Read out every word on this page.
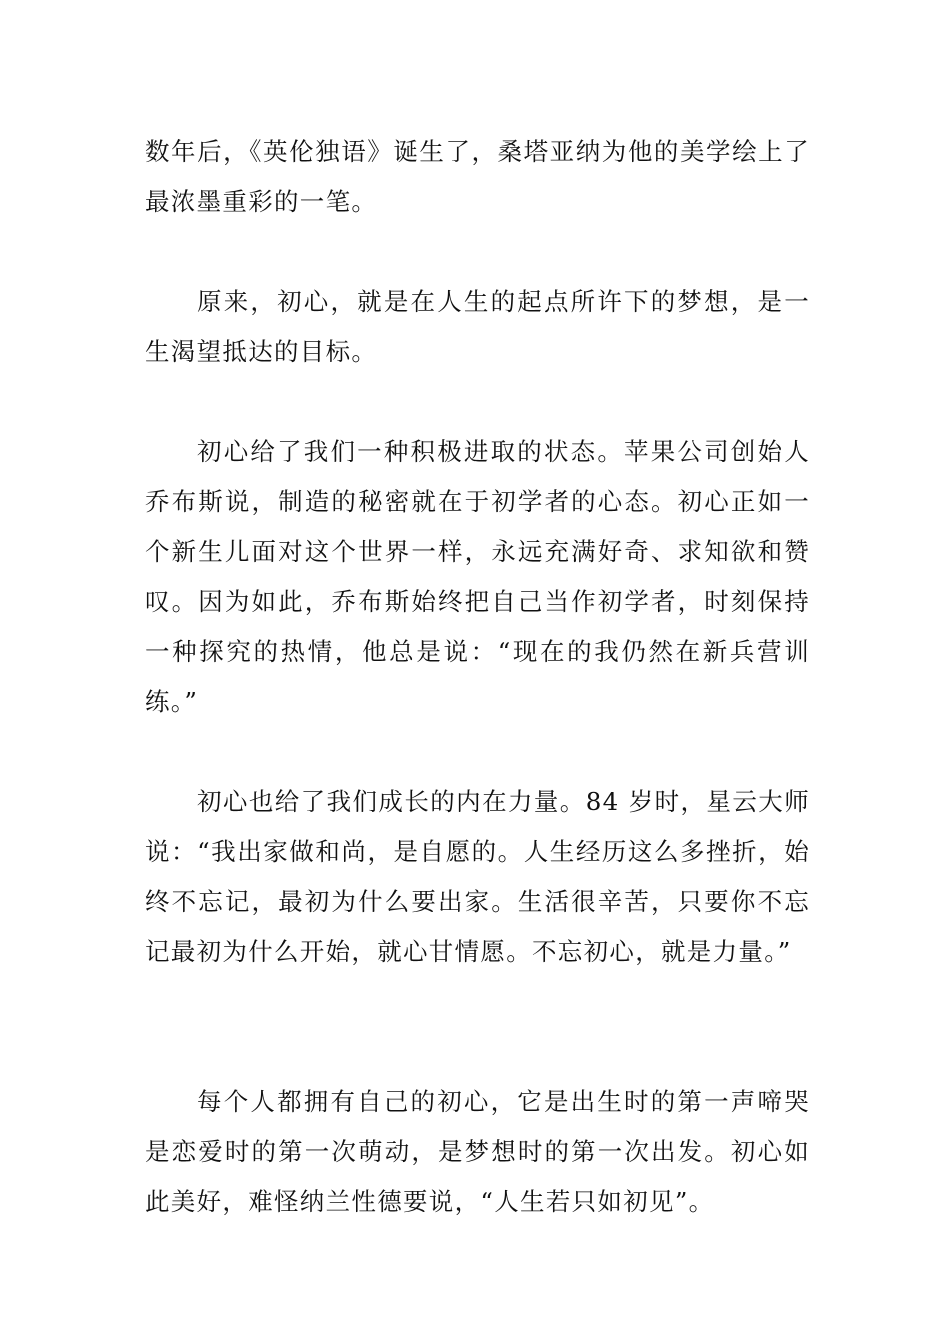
数年后，《英伦独语》诞生了，桑塔亚纳为他的美学绘上了最浓墨重彩的一笔。

原来，初心，就是在人生的起点所许下的梦想，是一生渴望抵达的目标。

初心给了我们一种积极进取的状态。苹果公司创始人乔布斯说，制造的秘密就在于初学者的心态。初心正如一个新生儿面对这个世界一样，永远充满好奇、求知欲和赞叹。因为如此，乔布斯始终把自己当作初学者，时刻保持一种探究的热情，他总是说：“现在的我仍然在新兵营训练。”

初心也给了我们成长的内在力量。84 岁时，星云大师说：“我出家做和尚，是自愿的。人生经历这么多挫折，始终不忘记，最初为什么要出家。生活很辛苦，只要你不忘记最初为什么开始，就心甘情愿。不忘初心，就是力量。”

每个人都拥有自己的初心，它是出生时的第一声啼哭是恋爱时的第一次萌动，是梦想时的第一次出发。初心如此美好，难怪纳兰性德要说，“人生若只如初见”。
